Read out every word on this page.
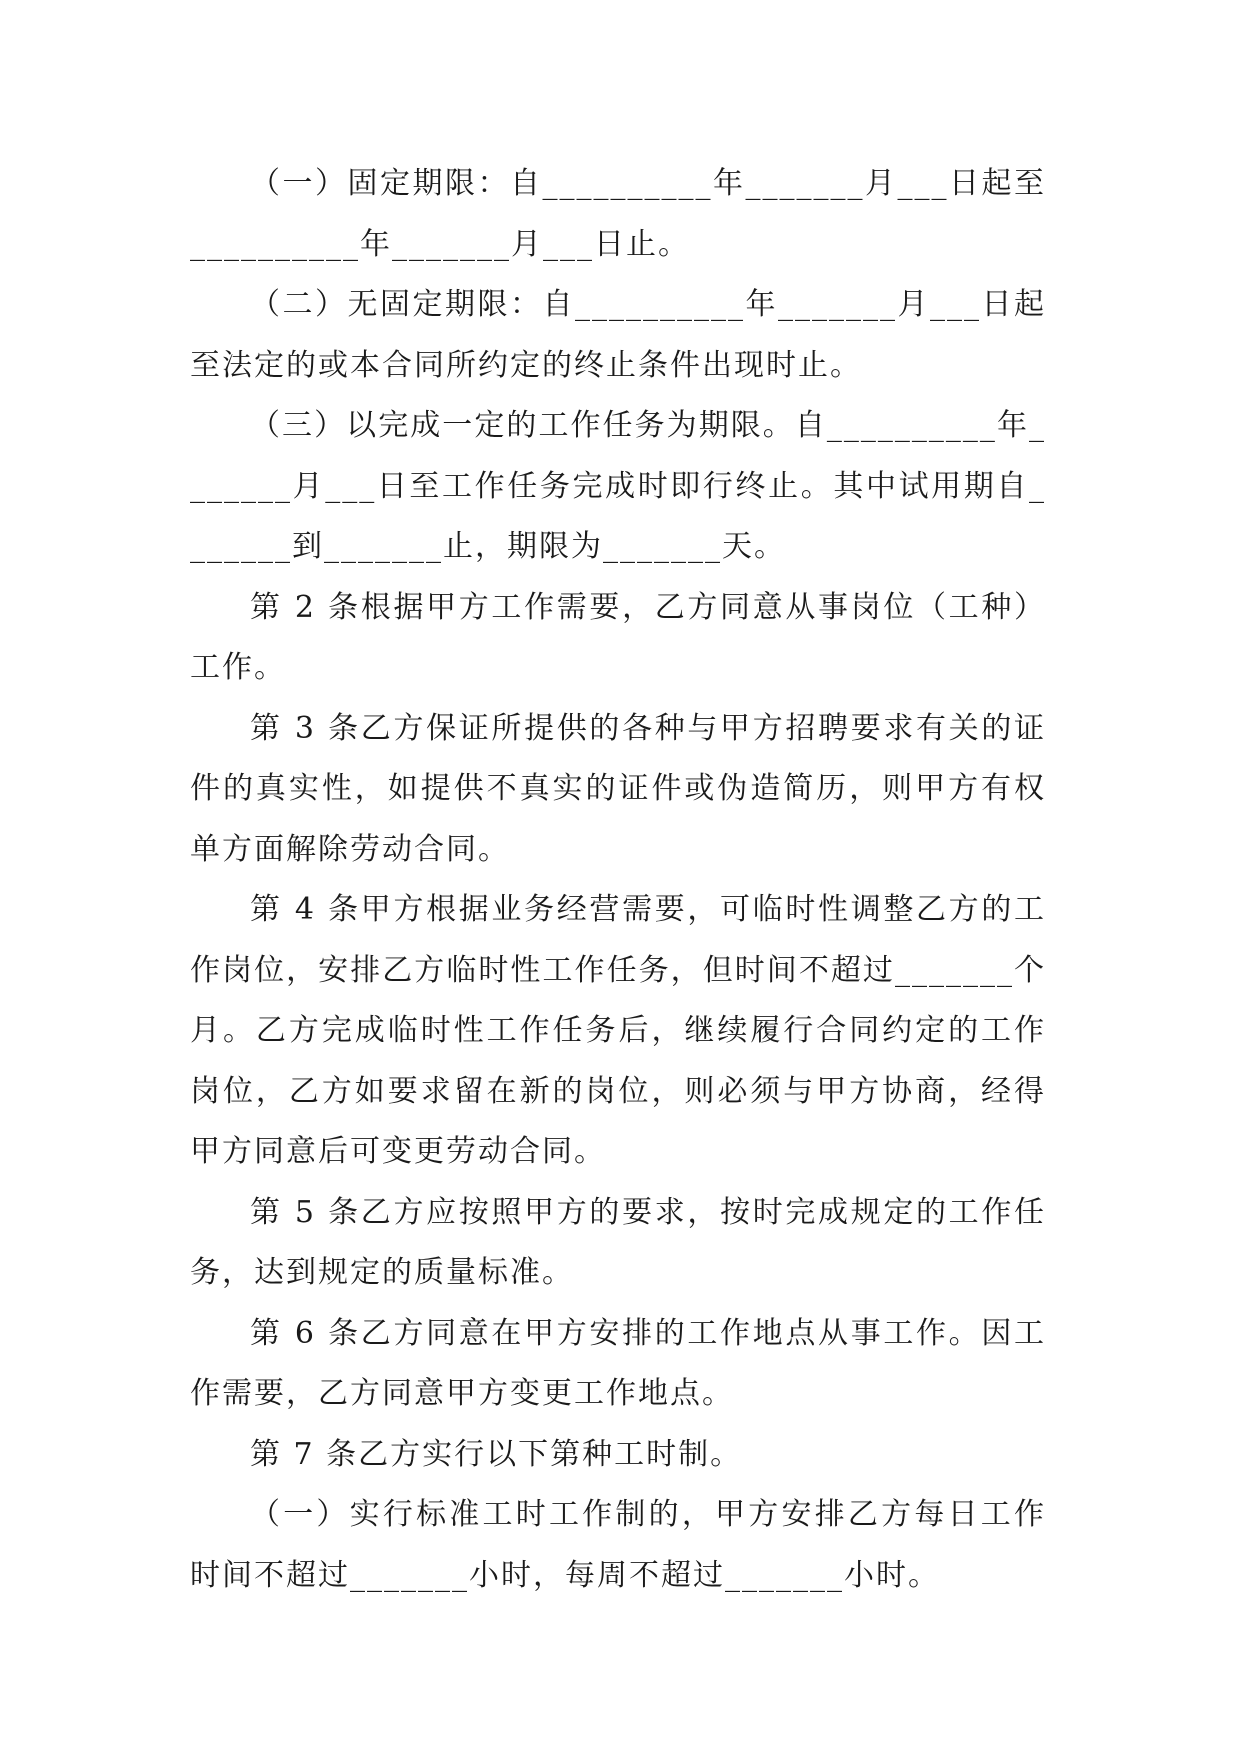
（一）固定期限：自__________年_______月___日起至__________年_______月___日止。

（二）无固定期限：自__________年_______月___日起至法定的或本合同所约定的终止条件出现时止。

（三）以完成一定的工作任务为期限。自__________年_______月___日至工作任务完成时即行终止。其中试用期自_______到_______止，期限为_______天。

第 2 条根据甲方工作需要，乙方同意从事岗位（工种）工作。

第 3 条乙方保证所提供的各种与甲方招聘要求有关的证件的真实性，如提供不真实的证件或伪造简历，则甲方有权单方面解除劳动合同。

第 4 条甲方根据业务经营需要，可临时性调整乙方的工作岗位，安排乙方临时性工作任务，但时间不超过_______个月。乙方完成临时性工作任务后，继续履行合同约定的工作岗位，乙方如要求留在新的岗位，则必须与甲方协商，经得甲方同意后可变更劳动合同。

第 5 条乙方应按照甲方的要求，按时完成规定的工作任务，达到规定的质量标准。

第 6 条乙方同意在甲方安排的工作地点从事工作。因工作需要，乙方同意甲方变更工作地点。

第 7 条乙方实行以下第种工时制。

（一）实行标准工时工作制的，甲方安排乙方每日工作时间不超过_______小时，每周不超过_______小时。
